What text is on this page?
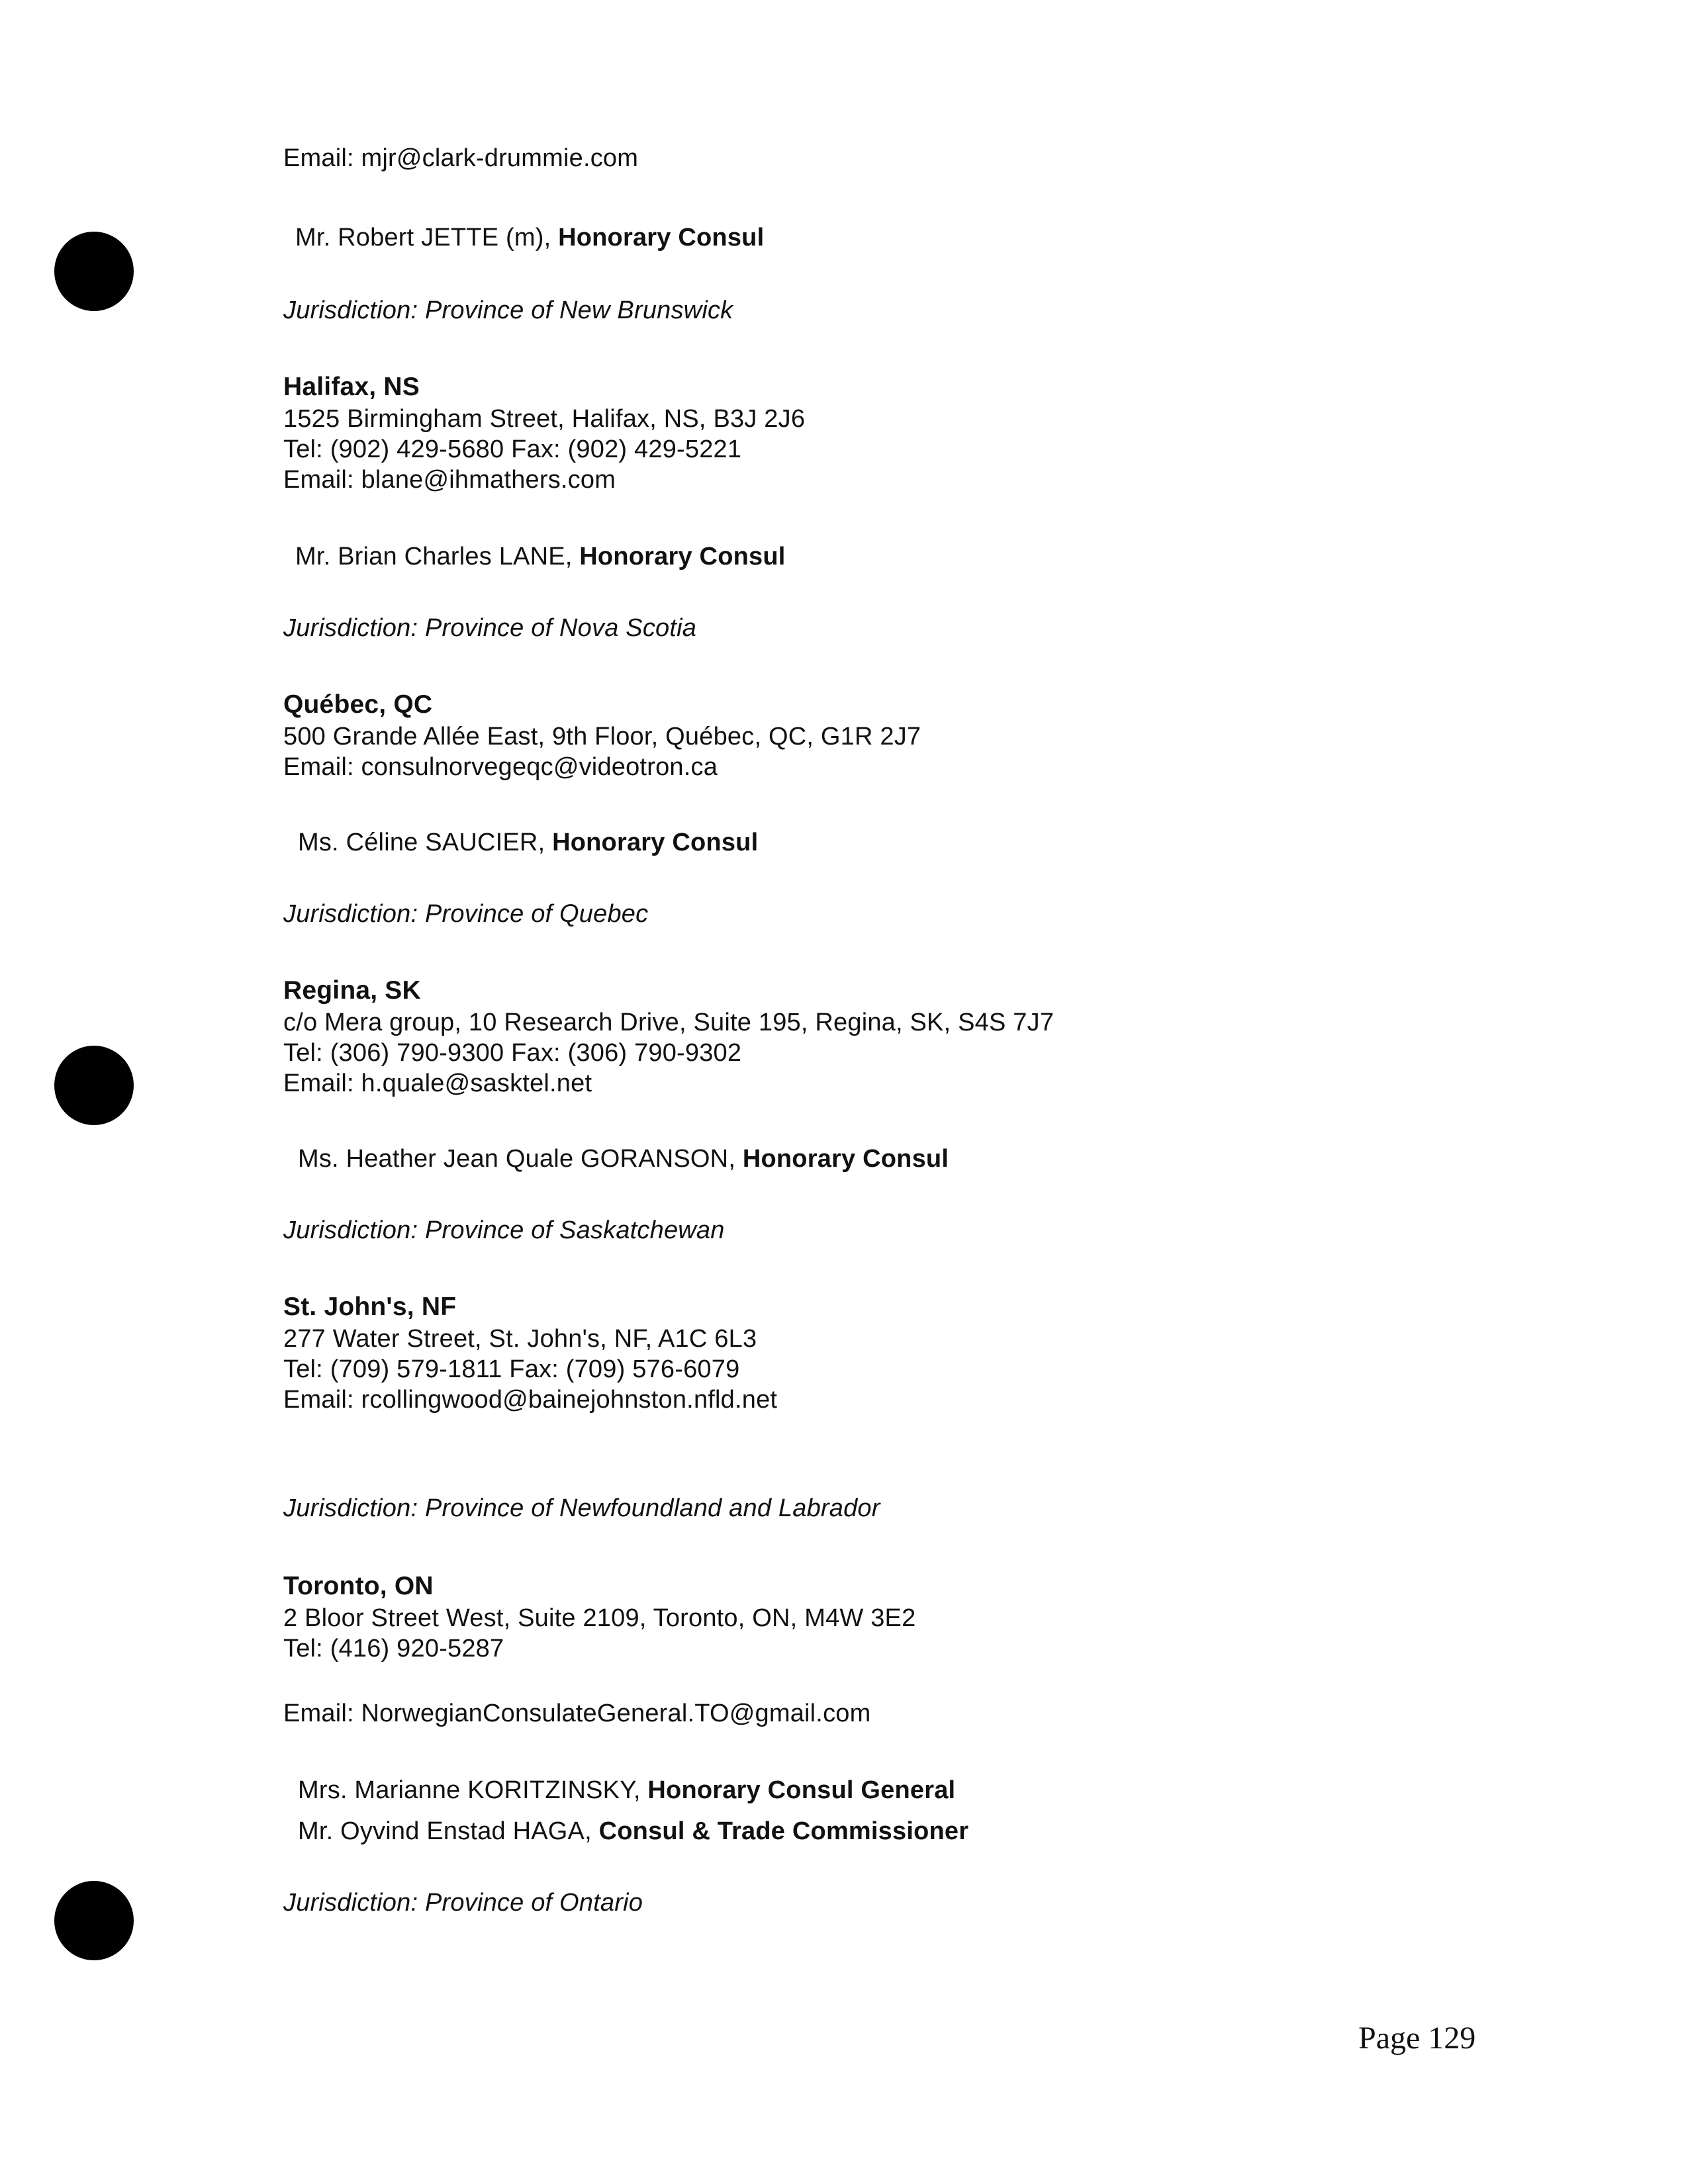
Email: mjr@clark-drummie.com
Mr. Robert JETTE (m), Honorary Consul
Jurisdiction: Province of New Brunswick
Halifax, NS
1525 Birmingham Street, Halifax, NS, B3J 2J6
Tel: (902) 429-5680 Fax: (902) 429-5221
Email: blane@ihmathers.com
Mr. Brian Charles LANE, Honorary Consul
Jurisdiction: Province of Nova Scotia
Québec, QC
500 Grande Allée East, 9th Floor, Québec, QC, G1R 2J7
Email: consulnorvegeqc@videotron.ca
Ms. Céline SAUCIER, Honorary Consul
Jurisdiction: Province of Quebec
Regina, SK
c/o Mera group, 10 Research Drive, Suite 195, Regina, SK, S4S 7J7
Tel: (306) 790-9300 Fax: (306) 790-9302
Email: h.quale@sasktel.net
Ms. Heather Jean Quale GORANSON, Honorary Consul
Jurisdiction: Province of Saskatchewan
St. John's, NF
277 Water Street, St. John's, NF, A1C 6L3
Tel: (709) 579-1811 Fax: (709) 576-6079
Email: rcollingwood@bainejohnston.nfld.net
Jurisdiction: Province of Newfoundland and Labrador
Toronto, ON
2 Bloor Street West, Suite 2109, Toronto, ON, M4W 3E2
Tel: (416) 920-5287
Email: NorwegianConsulateGeneral.TO@gmail.com
Mrs. Marianne KORITZINSKY, Honorary Consul General
Mr. Oyvind Enstad HAGA, Consul & Trade Commissioner
Jurisdiction: Province of Ontario
Page 129
